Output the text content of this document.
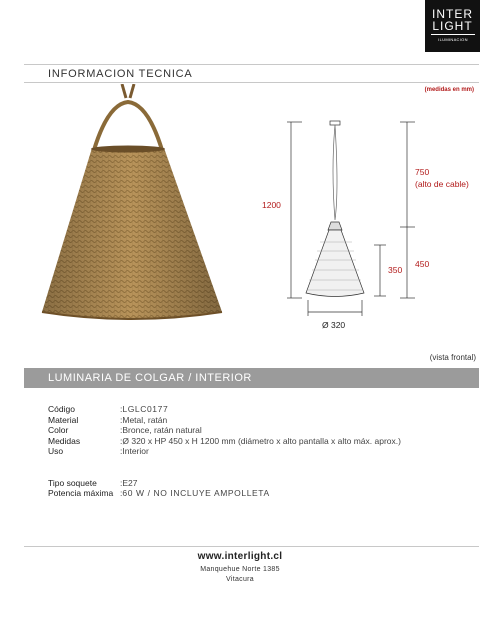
INTER
LIGHT
ILUMINACION
INFORMACION TECNICA
(medidas en mm)
1200
750
(alto de cable)
450
350
Ø 320
(vista frontal)
LUMINARIA DE COLGAR / INTERIOR
Código	: LGLC0177
Material	: Metal, ratán
Color	: Bronce, ratán natural
Medidas	: Ø 320 x HP 450 x H 1200 mm (diámetro x alto pantalla x alto máx. aprox.)
Uso	: Interior
Tipo soquete	: E27
Potencia máxima : 60 W / NO INCLUYE AMPOLLETA
www.interlight.cl
Manquehue Norte 1385
Vitacura
